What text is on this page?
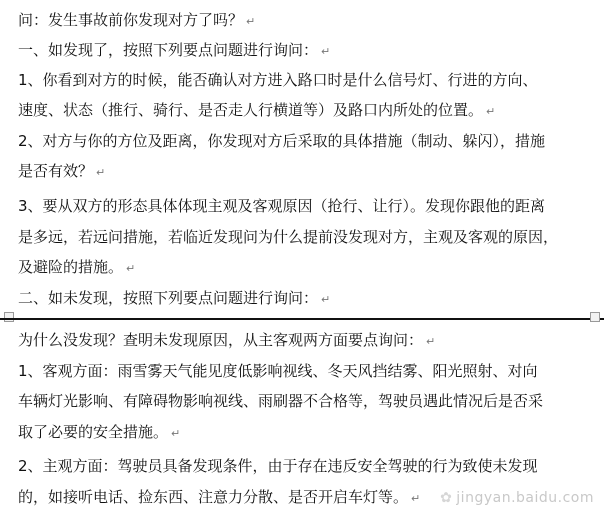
问：发生事故前你发现对方了吗？ ↵
一、如发现了，按照下列要点问题进行询问： ↵
1、你看到对方的时候，能否确认对方进入路口时是什么信号灯、行进的方向、
速度、状态（推行、骑行、是否走人行横道等）及路口内所处的位置。 ↵
2、对方与你的方位及距离，你发现对方后采取的具体措施（制动、躲闪），措施
是否有效？ ↵
3、要从双方的形态具体体现主观及客观原因（抢行、让行）。发现你跟他的距离
是多远，若远问措施，若临近发现问为什么提前没发现对方，主观及客观的原因，
及避险的措施。 ↵
二、如未发现，按照下列要点问题进行询问： ↵
为什么没发现？查明未发现原因，从主客观两方面要点询问： ↵
1、客观方面：雨雪雾天气能见度低影响视线、冬天风挡结雾、阳光照射、对向
车辆灯光影响、有障碍物影响视线、雨刷器不合格等，驾驶员遇此情况后是否采
取了必要的安全措施。 ↵
2、主观方面：驾驶员具备发现条件，由于存在违反安全驾驶的行为致使未发现
的，如接听电话、捡东西、注意力分散、是否开启车灯等。 ↵	✿ jingyan.baidu.com
